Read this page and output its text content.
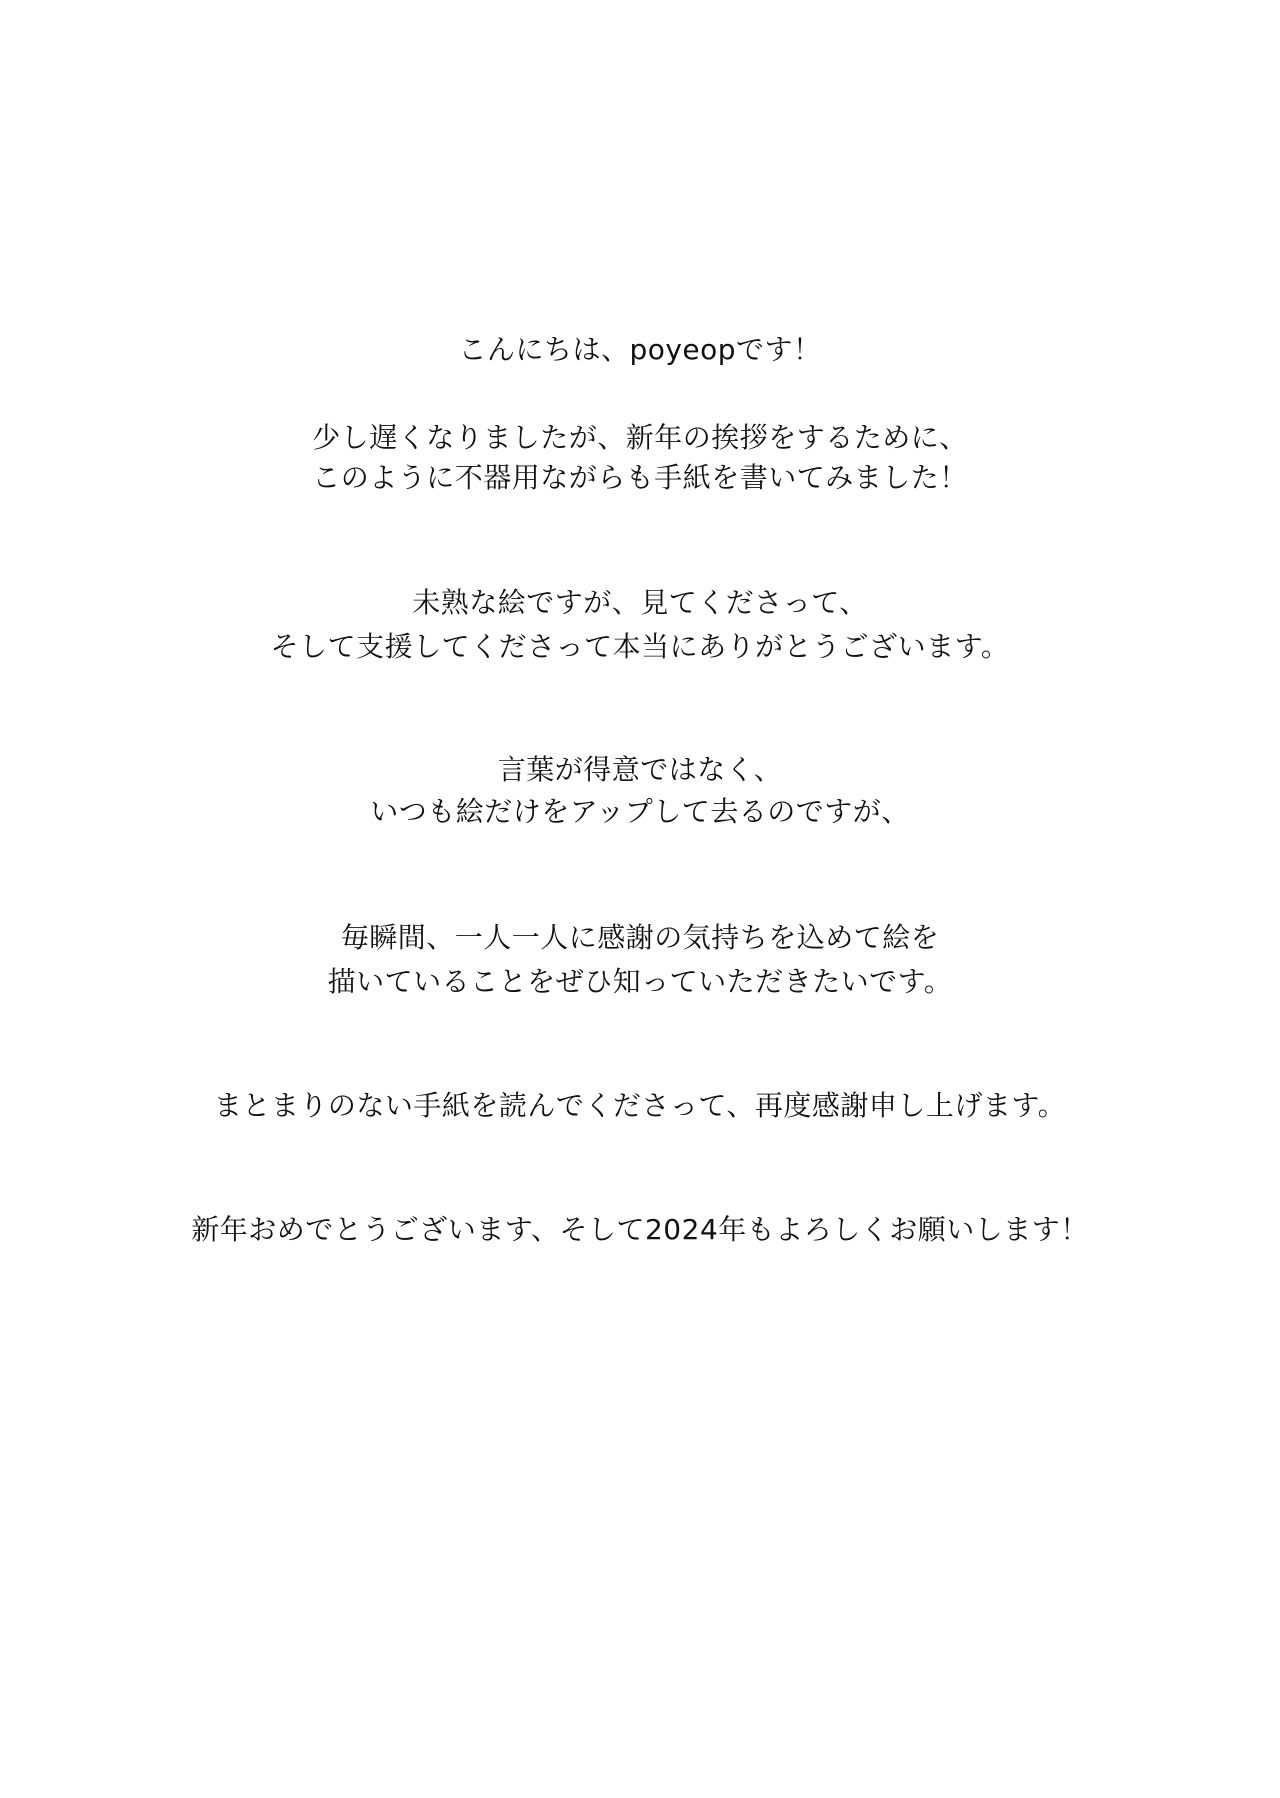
こんにちは、poyeopです！
少し遅くなりましたが、新年の挨拶をするために、
このように不器用ながらも手紙を書いてみました！
未熟な絵ですが、見てくださって、
そして支援してくださって本当にありがとうございます。
言葉が得意ではなく、
いつも絵だけをアップして去るのですが、
毎瞬間、一人一人に感謝の気持ちを込めて絵を
描いていることをぜひ知っていただきたいです。
まとまりのない手紙を読んでくださって、再度感謝申し上げます。
新年おめでとうございます、そして2024年もよろしくお願いします！
